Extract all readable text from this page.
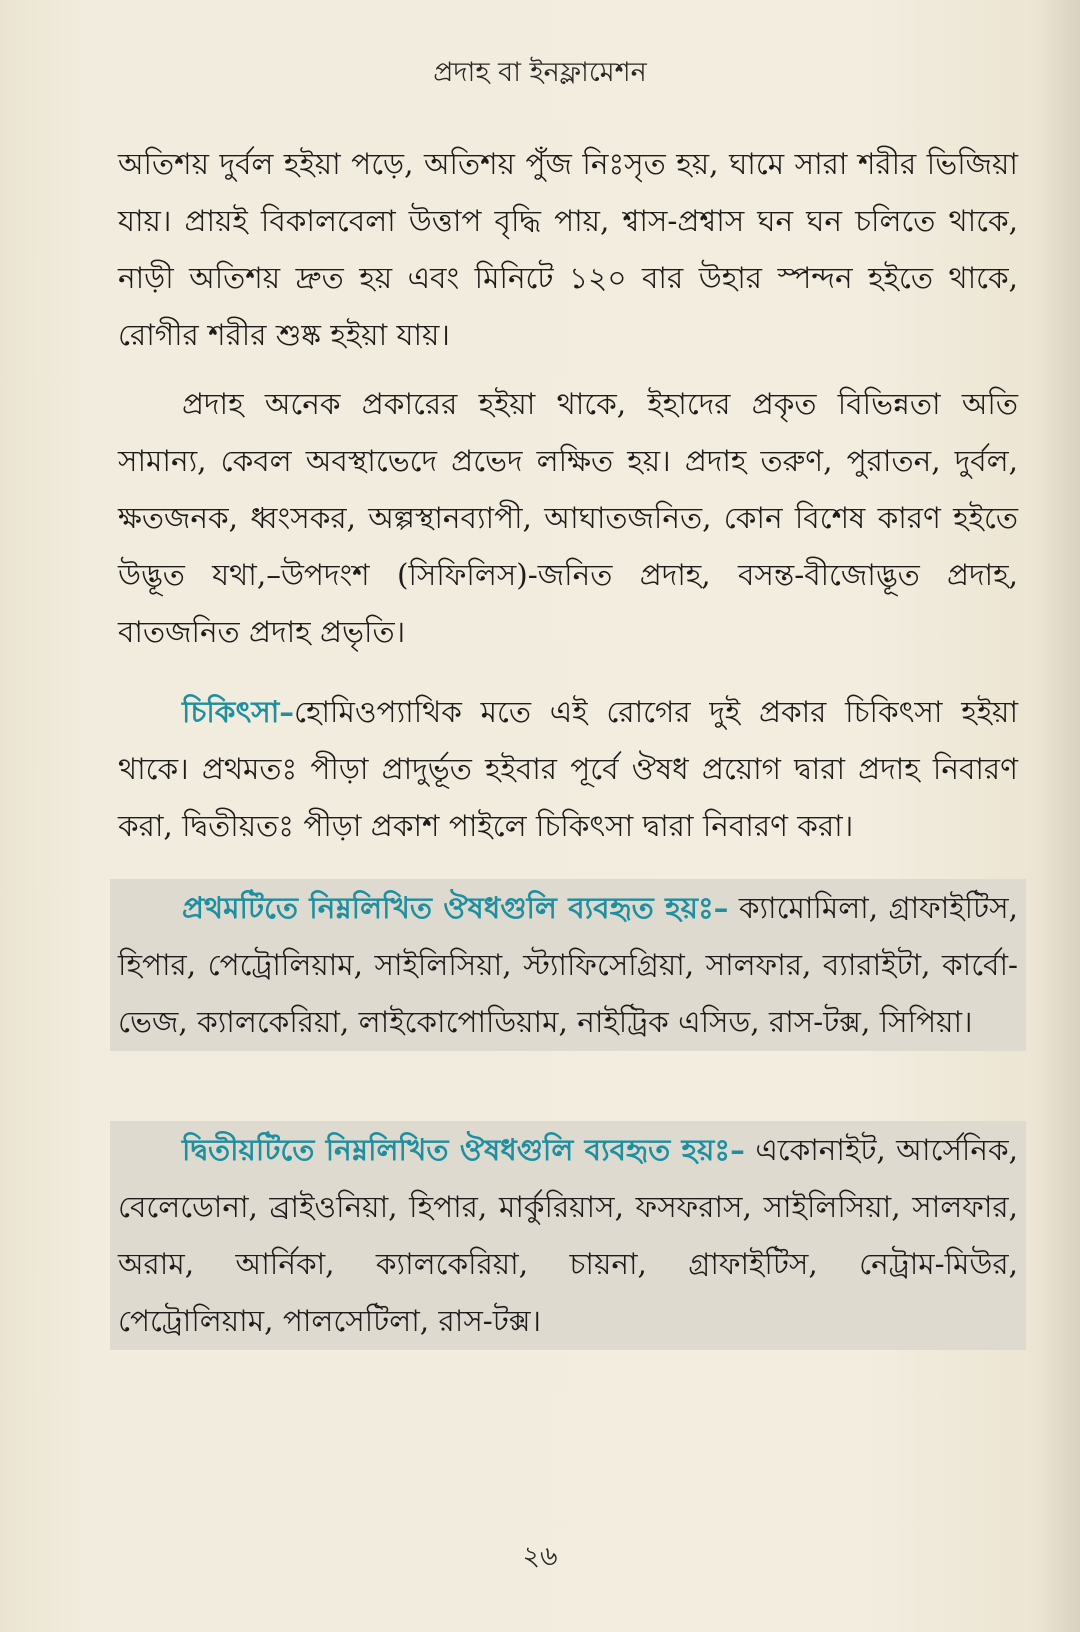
প্রদাহ বা ইনফ্লামেশন

অতিশয় দুর্বল হইয়া পড়ে, অতিশয় পুঁজ নিঃসৃত হয়, ঘামে সারা শরীর ভিজিয়া যায়। প্রায়ই বিকালবেলা উত্তাপ বৃদ্ধি পায়, শ্বাস-প্রশ্বাস ঘন ঘন চলিতে থাকে, নাড়ী অতিশয় দ্রুত হয় এবং মিনিটে ১২০ বার উহার স্পন্দন হইতে থাকে, রোগীর শরীর শুষ্ক হইয়া যায়।

প্রদাহ অনেক প্রকারের হইয়া থাকে, ইহাদের প্রকৃত বিভিন্নতা অতি সামান্য, কেবল অবস্থাভেদে প্রভেদ লক্ষিত হয়। প্রদাহ তরুণ, পুরাতন, দুর্বল, ক্ষতজনক, ধ্বংসকর, অল্পস্থানব্যাপী, আঘাতজনিত, কোন বিশেষ কারণ হইতে উদ্ভূত যথা,–উপদংশ (সিফিলিস)-জনিত প্রদাহ, বসন্ত-বীজোদ্ভূত প্রদাহ, বাতজনিত প্রদাহ প্রভৃতি।

চিকিৎসা–হোমিওপ্যাথিক মতে এই রোগের দুই প্রকার চিকিৎসা হইয়া থাকে। প্রথমতঃ পীড়া প্রাদুর্ভূত হইবার পূর্বে ঔষধ প্রয়োগ দ্বারা প্রদাহ নিবারণ করা, দ্বিতীয়তঃ পীড়া প্রকাশ পাইলে চিকিৎসা দ্বারা নিবারণ করা।

প্রথমটিতে নিম্নলিখিত ঔষধগুলি ব্যবহৃত হয়ঃ– ক্যামোমিলা, গ্রাফাইটিস, হিপার, পেট্রোলিয়াম, সাইলিসিয়া, স্ট্যাফিসেগ্রিয়া, সালফার, ব্যারাইটা, কার্বো-ভেজ, ক্যালকেরিয়া, লাইকোপোডিয়াম, নাইট্রিক এসিড, রাস-টক্স, সিপিয়া।

দ্বিতীয়টিতে নিম্নলিখিত ঔষধগুলি ব্যবহৃত হয়ঃ– একোনাইট, আর্সেনিক, বেলেডোনা, ব্রাইওনিয়া, হিপার, মার্কুরিয়াস, ফসফরাস, সাইলিসিয়া, সালফার, অরাম, আর্নিকা, ক্যালকেরিয়া, চায়না, গ্রাফাইটিস, নেট্রাম-মিউর, পেট্রোলিয়াম, পালসেটিলা, রাস-টক্স।

২৬
